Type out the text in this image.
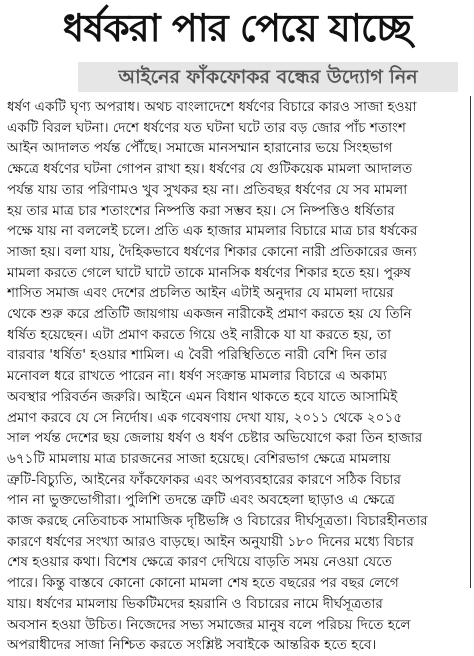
ধর্ষকরা পার পেয়ে যাচ্ছে
আইনের ফাঁকফোকর বন্ধের উদ্যোগ নিন
ধর্ষণ একটি ঘৃণ্য অপরাধ। অথচ বাংলাদেশে ধর্ষণের বিচারে কারও সাজা হওয়া
একটি বিরল ঘটনা। দেশে ধর্ষণের যত ঘটনা ঘটে তার বড় জোর পাঁচ শতাংশ
আইন আদালত পর্যন্ত পৌঁছে। সমাজে মানসম্মান হারানোর ভয়ে সিংহভাগ
ক্ষেত্রে ধর্ষণের ঘটনা গোপন রাখা হয়। ধর্ষণের যে গুটিকয়েক মামলা আদালত
পর্যন্ত যায় তার পরিণামও খুব সুখকর হয় না। প্রতিবছর ধর্ষণের যে সব মামলা
হয় তার মাত্র চার শতাংশের নিষ্পত্তি করা সম্ভব হয়। সে নিষ্পত্তিও ধর্ষিতার
পক্ষে যায় না বললেই চলে। প্রতি এক হাজার মামলার বিচারে মাত্র চার ধর্ষকের
সাজা হয়। বলা যায়, দৈহিকভাবে ধর্ষণের শিকার কোনো নারী প্রতিকারের জন্য
মামলা করতে গেলে ঘাটে ঘাটে তাকে মানসিক ধর্ষণের শিকার হতে হয়। পুরুষ
শাসিত সমাজ এবং দেশের প্রচলিত আইন এটাই অনুদার যে মামলা দায়ের
থেকে শুরু করে প্রতিটি জায়গায় একজন নারীকেই প্রমাণ করতে হয় যে তিনি
ধর্ষিত হয়েছেন। এটা প্রমাণ করতে গিয়ে ওই নারীকে যা যা করতে হয়, তা
বারবার 'ধর্ষিত' হওয়ার শামিল। এ বৈরী পরিস্থিতিতে নারী বেশি দিন তার
মনোবল ধরে রাখতে পারেন না। ধর্ষণ সংক্রান্ত মামলার বিচারে এ অকাম্য
অবস্থার পরিবর্তন জরুরি। আইনে এমন বিধান থাকতে হবে যাতে আসামিই
প্রমাণ করবে যে সে নির্দোষ। এক গবেষণায় দেখা যায়, ২০১১ থেকে ২০১৫
সাল পর্যন্ত দেশের ছয় জেলায় ধর্ষণ ও ধর্ষণ চেষ্টার অভিযোগে করা তিন হাজার
৬৭১টি মামলায় মাত্র চারজনের সাজা হয়েছে। বেশিরভাগ ক্ষেত্রে মামলায়
ত্রুটি-বিচ্যুতি, আইনের ফাঁকফোকর এবং অপব্যবহারের কারণে সঠিক বিচার
পান না ভুক্তভোগীরা। পুলিশি তদন্তে ত্রুটি এবং অবহেলা ছাড়াও এ ক্ষেত্রে
কাজ করছে নেতিবাচক সামাজিক দৃষ্টিভঙ্গি ও বিচারের দীর্ঘসূত্রতা। বিচারহীনতার
কারণে ধর্ষণের সংখ্যা আরও বাড়ছে। আইন অনুযায়ী ১৮০ দিনের মধ্যে বিচার
শেষ হওয়ার কথা। বিশেষ ক্ষেত্রে কারণ দেখিয়ে বাড়তি সময় নেওয়া যেতে
পারে। কিন্তু বাস্তবে কোনো কোনো মামলা শেষ হতে বছরের পর বছর লেগে
যায়। ধর্ষণের মামলায় ভিকটিমদের হয়রানি ও বিচারের নামে দীর্ঘসূত্রতার
অবসান হওয়া উচিত। নিজেদের সভ্য সমাজের মানুষ বলে পরিচয় দিতে হলে
অপরাধীদের সাজা নিশ্চিত করতে সংশ্লিষ্ট সবাইকে আন্তরিক হতে হবে।
